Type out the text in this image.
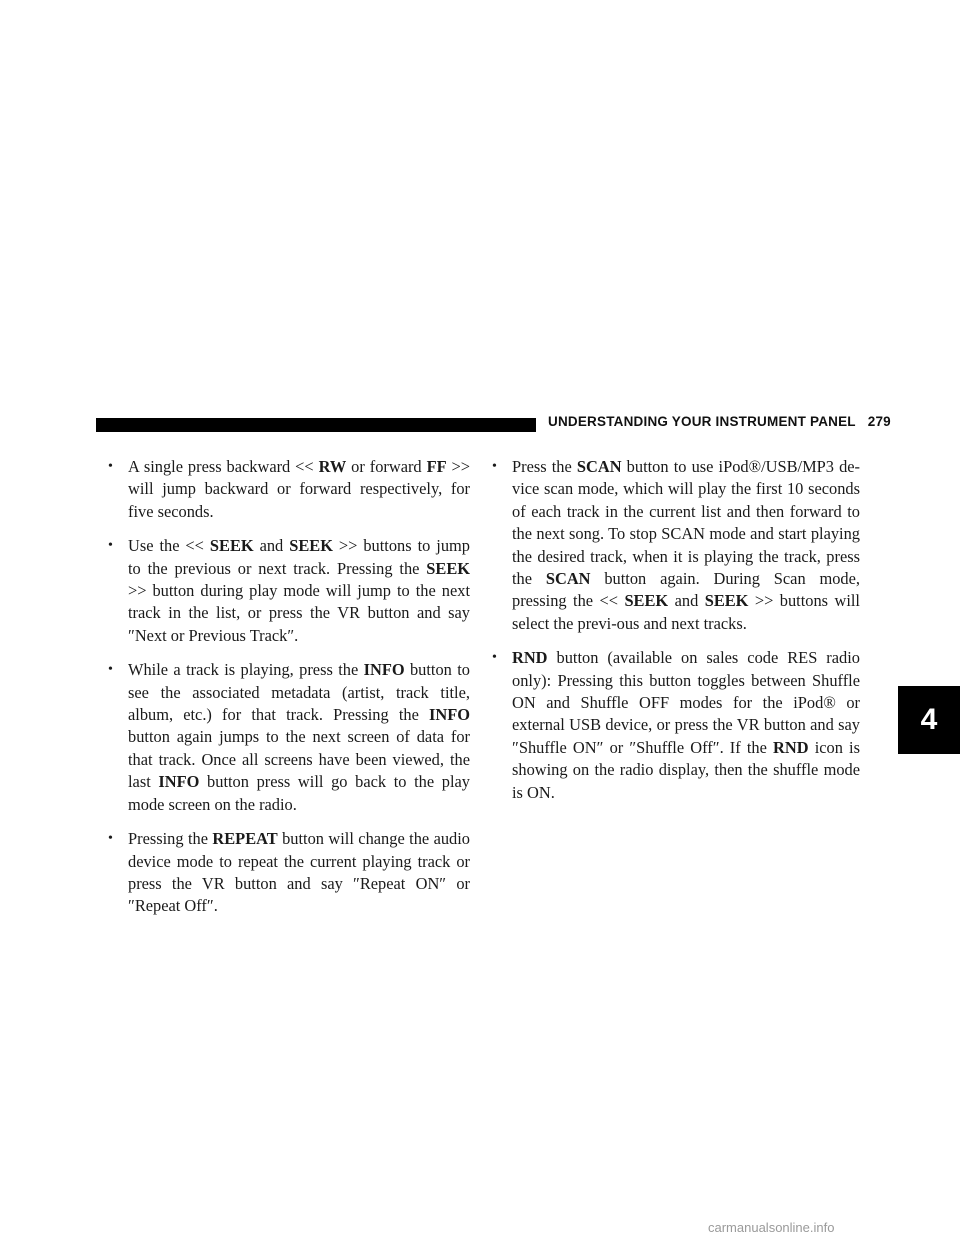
UNDERSTANDING YOUR INSTRUMENT PANEL 279
• A single press backward << RW or forward FF >> will jump backward or forward respectively, for five seconds.
• Use the << SEEK and SEEK >> buttons to jump to the previous or next track. Pressing the SEEK >> button during play mode will jump to the next track in the list, or press the VR button and say ″Next or Previous Track″.
• While a track is playing, press the INFO button to see the associated metadata (artist, track title, album, etc.) for that track. Pressing the INFO button again jumps to the next screen of data for that track. Once all screens have been viewed, the last INFO button press will go back to the play mode screen on the radio.
• Pressing the REPEAT button will change the audio device mode to repeat the current playing track or press the VR button and say ″Repeat ON″ or ″Repeat Off″.
• Press the SCAN button to use iPod®/USB/MP3 de-vice scan mode, which will play the first 10 seconds of each track in the current list and then forward to the next song. To stop SCAN mode and start playing the desired track, when it is playing the track, press the SCAN button again. During Scan mode, pressing the << SEEK and SEEK >> buttons will select the previ-ous and next tracks.
• RND button (available on sales code RES radio only): Pressing this button toggles between Shuffle ON and Shuffle OFF modes for the iPod® or external USB device, or press the VR button and say ″Shuffle ON″ or ″Shuffle Off″. If the RND icon is showing on the radio display, then the shuffle mode is ON.
4
carmanualsonline.info
